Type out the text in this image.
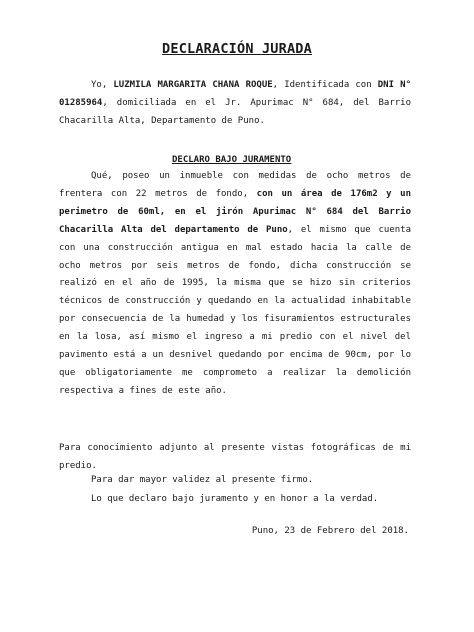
DECLARACIÓN JURADA
Yo, LUZMILA MARGARITA CHANA ROQUE, Identificada con DNI N° 01285964, domiciliada en el Jr. Apurimac N° 684, del Barrio Chacarilla Alta, Departamento de Puno.
DECLARO BAJO JURAMENTO
Qué, poseo un inmueble con medidas de ocho metros de frentera con 22 metros de fondo, con un área de 176m2 y un perimetro de 60ml, en el jirón Apurimac N° 684 del Barrio Chacarilla Alta del departamento de Puno, el mismo que cuenta con una construcción antigua en mal estado hacia la calle de ocho metros por seis metros de fondo, dicha construcción se realizó en el año de 1995, la misma que se hizo sin criterios técnicos de construcción y quedando en la actualidad inhabitable por consecuencia de la humedad y los fisuramientos estructurales en la losa, así mismo el ingreso a mi predio con el nivel del pavimento está a un desnivel quedando por encima de 90cm, por lo que obligatoriamente me comprometo a realizar la demolición respectiva a fines de este año.
Para conocimiento adjunto al presente vistas fotográficas de mi predio.
Para dar mayor validez al presente firmo.
Lo que declaro bajo juramento y en honor a la verdad.
Puno, 23 de Febrero del 2018.
